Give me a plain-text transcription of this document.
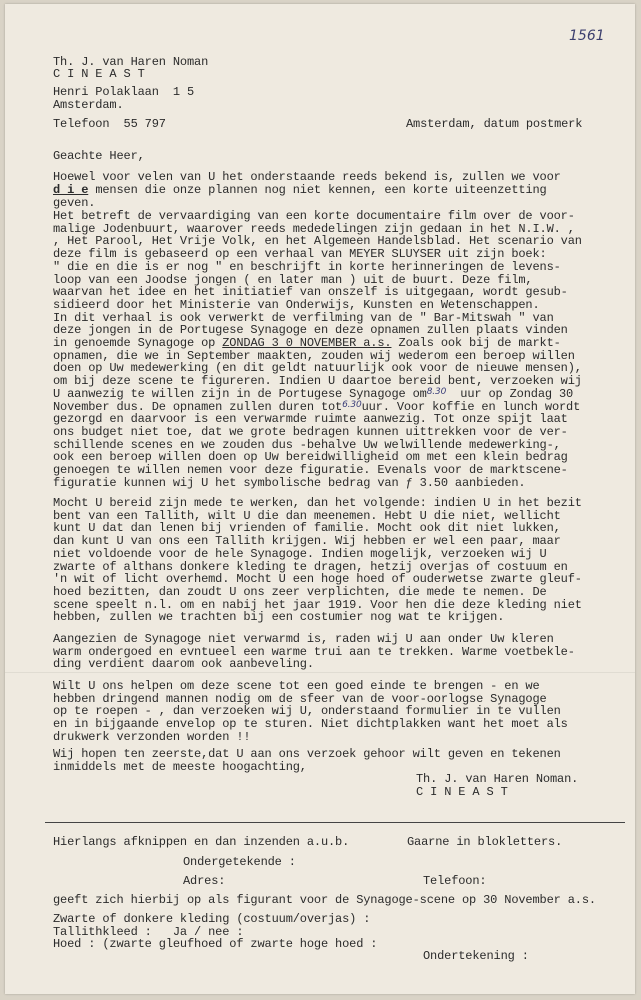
1561
Th. J. van Haren Noman
C I N E A S T
Henri Polaklaan  1 5
Amsterdam.
Telefoon  55 797	Amsterdam, datum postmerk
Geachte Heer,
Hoewel voor velen van U het onderstaande reeds bekend is, zullen we voor
d i e mensen die onze plannen nog niet kennen, een korte uiteenzetting
geven.
Het betreft de vervaardiging van een korte documentaire film over de voor-
malige Jodenbuurt, waarover reeds mededelingen zijn gedaan in het N.I.W. ,
, Het Parool, Het Vrije Volk, en het Algemeen Handelsblad. Het scenario van
deze film is gebaseerd op een verhaal van MEYER SLUYSER uit zijn boek:
" die en die is er nog " en beschrijft in korte herinneringen de levens-
loop van een Joodse jongen ( en later man ) uit de buurt. Deze film,
waarvan het idee en het initiatief van onszelf is uitgegaan, wordt gesub-
sidieerd door het Ministerie van Onderwijs, Kunsten en Wetenschappen.
In dit verhaal is ook verwerkt de verfilming van de " Bar-Mitswah " van
deze jongen in de Portugese Synagoge en deze opnamen zullen plaats vinden
in genoemde Synagoge op ZONDAG 3 0 NOVEMBER a.s. Zoals ook bij de markt-
opnamen, die we in September maakten, zouden wij wederom een beroep willen
doen op Uw medewerking (en dit geldt natuurlijk ook voor de nieuwe mensen),
om bij deze scene te figureren. Indien U daartoe bereid bent, verzoeken wij
U aanwezig te willen zijn in de Portugese Synagoge $om^{8.30}$  uur op Zondag 30
November dus. De opnamen zullen duren tot$^{6.30}$uur. Voor koffie en lunch wordt
gezorgd en daarvoor is een verwarmde ruimte aanwezig. Tot onze spijt laat
ons budget niet toe, dat we grote bedragen kunnen uittrekken voor de ver-
schillende scenes en we zouden dus -behalve Uw welwillende medewerking-,
ook een beroep willen doen op Uw bereidwilligheid om met een klein bedrag
genoegen te willen nemen voor deze figuratie. Evenals voor de marktscene-
figuratie kunnen wij U het symbolische bedrag van ƒ 3.50 aanbieden.
Mocht U bereid zijn mede te werken, dan het volgende: indien U in het bezit
bent van een Tallith, wilt U die dan meenemen. Hebt U die niet, wellicht
kunt U dat dan lenen bij vrienden of familie. Mocht ook dit niet lukken,
dan kunt U van ons een Tallith krijgen. Wij hebben er wel een paar, maar
niet voldoende voor de hele Synagoge. Indien mogelijk, verzoeken wij U
zwarte of althans donkere kleding te dragen, hetzij overjas of costuum en
'n wit of licht overhemd. Mocht U een hoge hoed of ouderwetse zwarte gleuf-
hoed bezitten, dan zoudt U ons zeer verplichten, die mede te nemen. De
scene speelt n.l. om en nabij het jaar 1919. Voor hen die deze kleding niet
hebben, zullen we trachten bij een costumier nog wat te krijgen.
Aangezien de Synagoge niet verwarmd is, raden wij U aan onder Uw kleren
warm ondergoed en evntueel een warme trui aan te trekken. Warme voetbekle-
ding verdient daarom ook aanbeveling.
Wilt U ons helpen om deze scene tot een goed einde te brengen - en we
hebben dringend mannen nodig om de sfeer van de voor-oorlogse Synagoge
op te roepen - , dan verzoeken wij U, onderstaand formulier in te vullen
en in bijgaande envelop op te sturen. Niet dichtplakken want het moet als
drukwerk verzonden worden !!
Wij hopen ten zeerste,dat U aan ons verzoek gehoor wilt geven en tekenen
inmiddels met de meeste hoogachting,
Th. J. van Haren Noman.
C I N E A S T
Hierlangs afknippen en dan inzenden a.u.b.	Gaarne in blokletters.
Ondergetekende :
Adres:	Telefoon:
geeft zich hierbij op als figurant voor de Synagoge-scene op 30 November a.s.
Zwarte of donkere kleding (costuum/overjas) :
Tallithkleed :   Ja / nee :
Hoed : (zwarte gleufhoed of zwarte hoge hoed :
Ondertekening :
